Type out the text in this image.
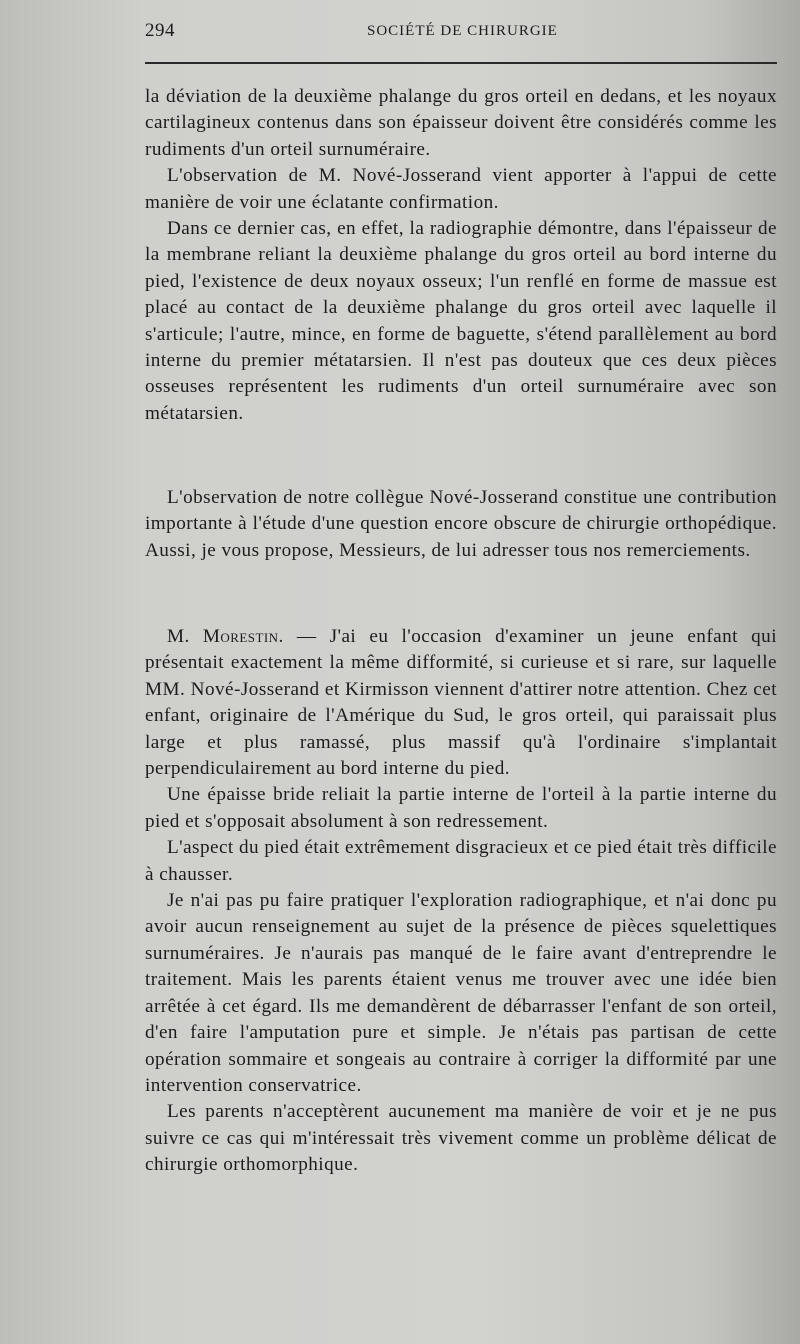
294	SOCIÉTÉ DE CHIRURGIE

la déviation de la deuxième phalange du gros orteil en dedans, et les noyaux cartilagineux contenus dans son épaisseur doivent être considérés comme les rudiments d'un orteil surnuméraire.

L'observation de M. Nové-Josserand vient apporter à l'appui de cette manière de voir une éclatante confirmation.

Dans ce dernier cas, en effet, la radiographie démontre, dans l'épaisseur de la membrane reliant la deuxième phalange du gros orteil au bord interne du pied, l'existence de deux noyaux osseux; l'un renflé en forme de massue est placé au contact de la deuxième phalange du gros orteil avec laquelle il s'articule; l'autre, mince, en forme de baguette, s'étend parallèlement au bord interne du premier métatarsien. Il n'est pas douteux que ces deux pièces osseuses représentent les rudiments d'un orteil surnuméraire avec son métatarsien.

L'observation de notre collègue Nové-Josserand constitue une contribution importante à l'étude d'une question encore obscure de chirurgie orthopédique. Aussi, je vous propose, Messieurs, de lui adresser tous nos remerciements.

M. Morestin. — J'ai eu l'occasion d'examiner un jeune enfant qui présentait exactement la même difformité, si curieuse et si rare, sur laquelle MM. Nové-Josserand et Kirmisson viennent d'attirer notre attention. Chez cet enfant, originaire de l'Amérique du Sud, le gros orteil, qui paraissait plus large et plus ramassé, plus massif qu'à l'ordinaire s'implantait perpendiculairement au bord interne du pied.

Une épaisse bride reliait la partie interne de l'orteil à la partie interne du pied et s'opposait absolument à son redressement.

L'aspect du pied était extrêmement disgracieux et ce pied était très difficile à chausser.

Je n'ai pas pu faire pratiquer l'exploration radiographique, et n'ai donc pu avoir aucun renseignement au sujet de la présence de pièces squelettiques surnuméraires. Je n'aurais pas manqué de le faire avant d'entreprendre le traitement. Mais les parents étaient venus me trouver avec une idée bien arrêtée à cet égard. Ils me demandèrent de débarrasser l'enfant de son orteil, d'en faire l'amputation pure et simple. Je n'étais pas partisan de cette opération sommaire et songeais au contraire à corriger la difformité par une intervention conservatrice.

Les parents n'acceptèrent aucunement ma manière de voir et je ne pus suivre ce cas qui m'intéressait très vivement comme un problème délicat de chirurgie orthomorphique.
